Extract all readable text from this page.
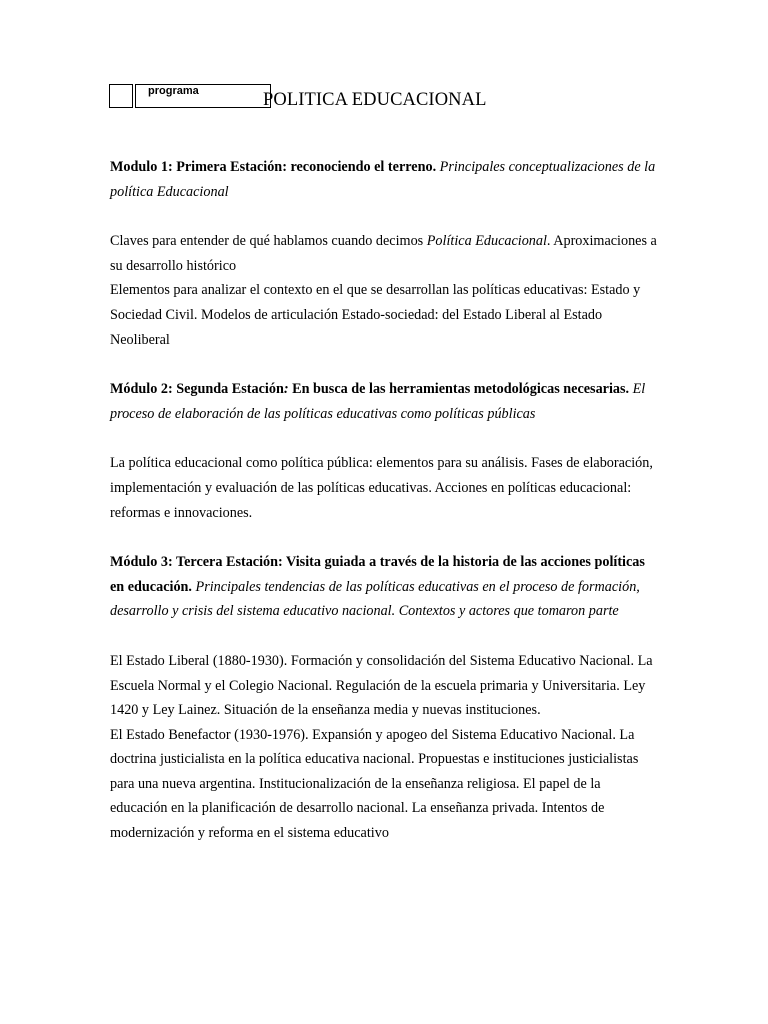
programa	POLITICA EDUCACIONAL

Modulo 1: Primera Estación: reconociendo el terreno. Principales conceptualizaciones de la política Educacional

Claves para entender de qué hablamos cuando decimos Política Educacional. Aproximaciones a su desarrollo histórico

Elementos para analizar el contexto en el que se desarrollan las políticas educativas: Estado y Sociedad Civil. Modelos de articulación Estado-sociedad: del Estado Liberal al Estado Neoliberal

Módulo 2: Segunda Estación: En busca de las herramientas metodológicas necesarias. El proceso de elaboración de las políticas educativas como políticas públicas

La política educacional como política pública: elementos para su análisis. Fases de elaboración, implementación y evaluación de las políticas educativas. Acciones en políticas educacional: reformas e innovaciones.

Módulo 3: Tercera Estación: Visita guiada a través de la historia de las acciones políticas en educación. Principales tendencias de las políticas educativas en el proceso de formación, desarrollo y crisis del sistema educativo nacional. Contextos y actores que tomaron parte

El Estado Liberal (1880-1930). Formación y consolidación del Sistema Educativo Nacional. La Escuela Normal y el Colegio Nacional. Regulación de la escuela primaria y Universitaria. Ley 1420 y Ley Lainez. Situación de la enseñanza media y nuevas instituciones.

El Estado Benefactor (1930-1976). Expansión y apogeo del Sistema Educativo Nacional. La doctrina justicialista en la política educativa nacional. Propuestas e instituciones justicialistas para una nueva argentina. Institucionalización de la enseñanza religiosa. El papel de la educación en la planificación de desarrollo nacional. La enseñanza privada. Intentos de modernización y reforma en el sistema educativo
